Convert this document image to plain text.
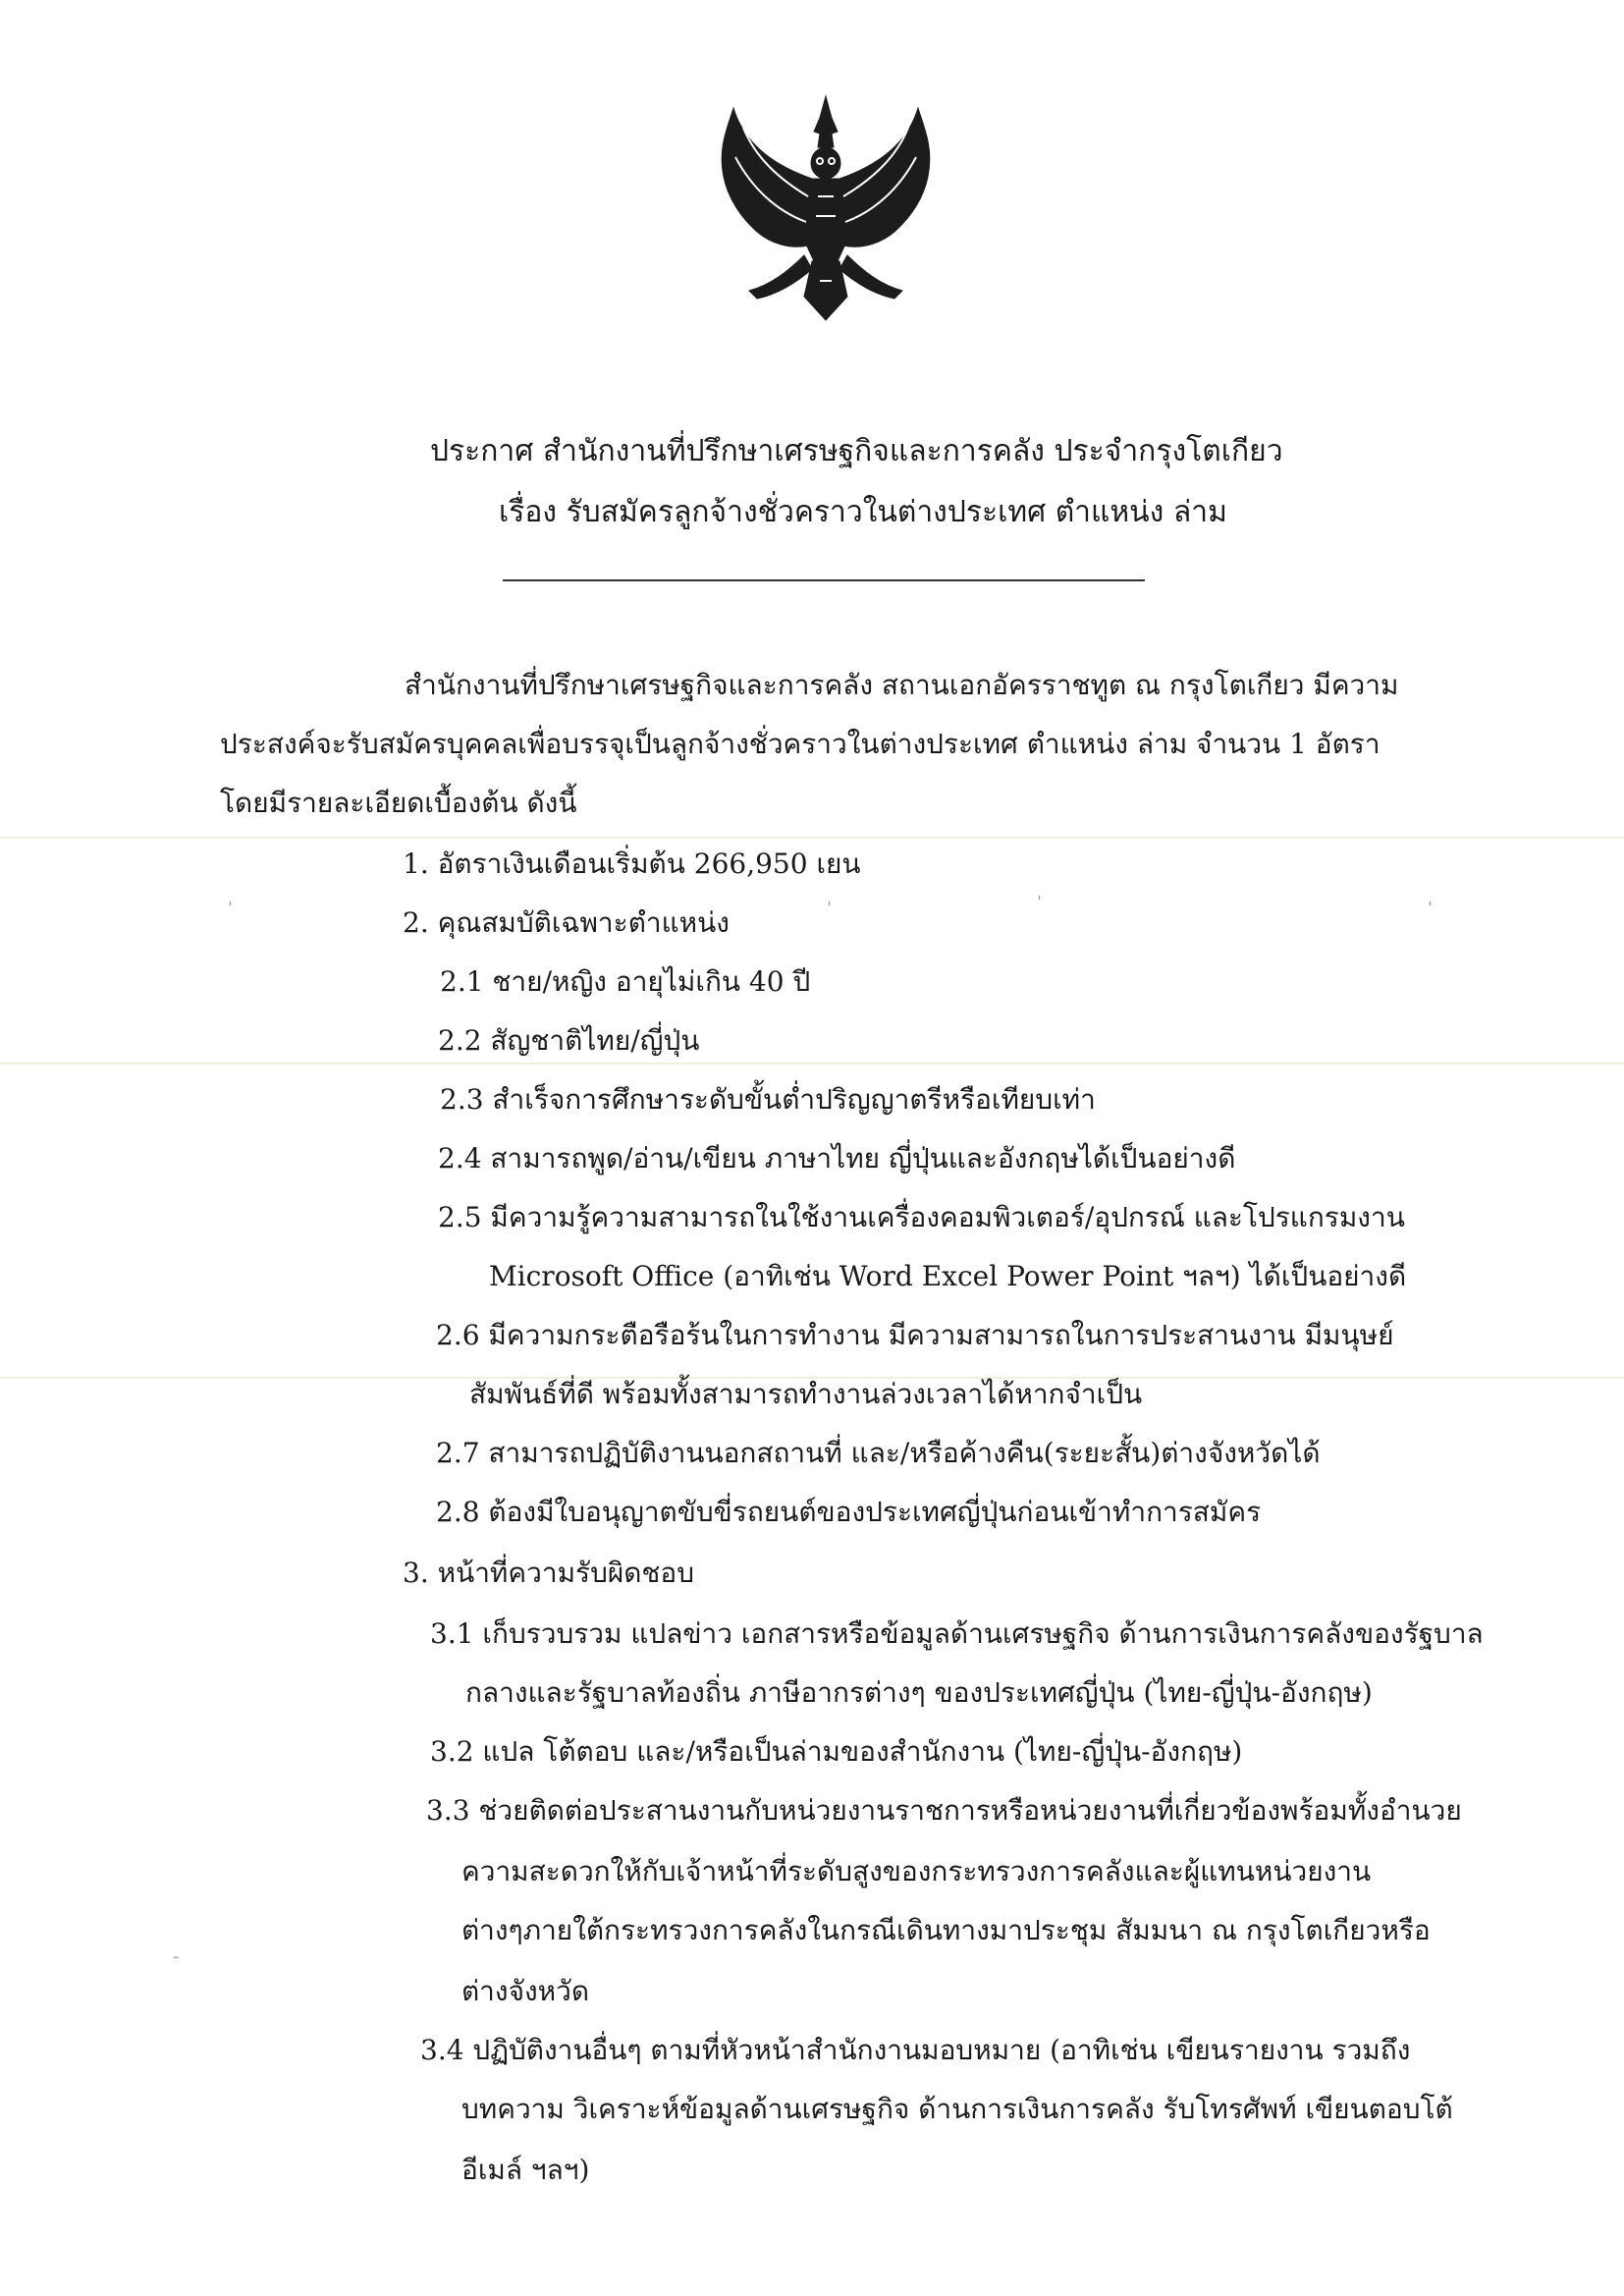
ประกาศ สำนักงานที่ปรึกษาเศรษฐกิจและการคลัง ประจำกรุงโตเกียว
เรื่อง รับสมัครลูกจ้างชั่วคราวในต่างประเทศ ตำแหน่ง ล่าม
สำนักงานที่ปรึกษาเศรษฐกิจและการคลัง สถานเอกอัครราชทูต ณ กรุงโตเกียว มีความ
ประสงค์จะรับสมัครบุคคลเพื่อบรรจุเป็นลูกจ้างชั่วคราวในต่างประเทศ ตำแหน่ง ล่าม จำนวน 1 อัตรา
โดยมีรายละเอียดเบื้องต้น ดังนี้
1. อัตราเงินเดือนเริ่มต้น 266,950 เยน
2. คุณสมบัติเฉพาะตำแหน่ง
2.1 ชาย/หญิง อายุไม่เกิน 40 ปี
2.2 สัญชาติไทย/ญี่ปุ่น
2.3 สำเร็จการศึกษาระดับขั้นต่ำปริญญาตรีหรือเทียบเท่า
2.4 สามารถพูด/อ่าน/เขียน ภาษาไทย ญี่ปุ่นและอังกฤษได้เป็นอย่างดี
2.5 มีความรู้ความสามารถในใช้งานเครื่องคอมพิวเตอร์/อุปกรณ์ และโปรแกรมงาน
Microsoft Office (อาทิเช่น Word Excel Power Point ฯลฯ) ได้เป็นอย่างดี
2.6 มีความกระตือรือร้นในการทำงาน มีความสามารถในการประสานงาน มีมนุษย์
สัมพันธ์ที่ดี พร้อมทั้งสามารถทำงานล่วงเวลาได้หากจำเป็น
2.7 สามารถปฏิบัติงานนอกสถานที่ และ/หรือค้างคืน(ระยะสั้น)ต่างจังหวัดได้
2.8 ต้องมีใบอนุญาตขับขี่รถยนต์ของประเทศญี่ปุ่นก่อนเข้าทำการสมัคร
3. หน้าที่ความรับผิดชอบ
3.1 เก็บรวบรวม แปลข่าว เอกสารหรือข้อมูลด้านเศรษฐกิจ ด้านการเงินการคลังของรัฐบาล
กลางและรัฐบาลท้องถิ่น ภาษีอากรต่างๆ ของประเทศญี่ปุ่น (ไทย-ญี่ปุ่น-อังกฤษ)
3.2 แปล โต้ตอบ และ/หรือเป็นล่ามของสำนักงาน (ไทย-ญี่ปุ่น-อังกฤษ)
3.3 ช่วยติดต่อประสานงานกับหน่วยงานราชการหรือหน่วยงานที่เกี่ยวข้องพร้อมทั้งอำนวย
ความสะดวกให้กับเจ้าหน้าที่ระดับสูงของกระทรวงการคลังและผู้แทนหน่วยงาน
ต่างๆภายใต้กระทรวงการคลังในกรณีเดินทางมาประชุม สัมมนา ณ กรุงโตเกียวหรือ
ต่างจังหวัด
3.4 ปฏิบัติงานอื่นๆ ตามที่หัวหน้าสำนักงานมอบหมาย (อาทิเช่น เขียนรายงาน รวมถึง
บทความ วิเคราะห์ข้อมูลด้านเศรษฐกิจ ด้านการเงินการคลัง รับโทรศัพท์ เขียนตอบโต้
อีเมล์ ฯลฯ)
ˌ	ˌ	ˌ	ˌ
‐
